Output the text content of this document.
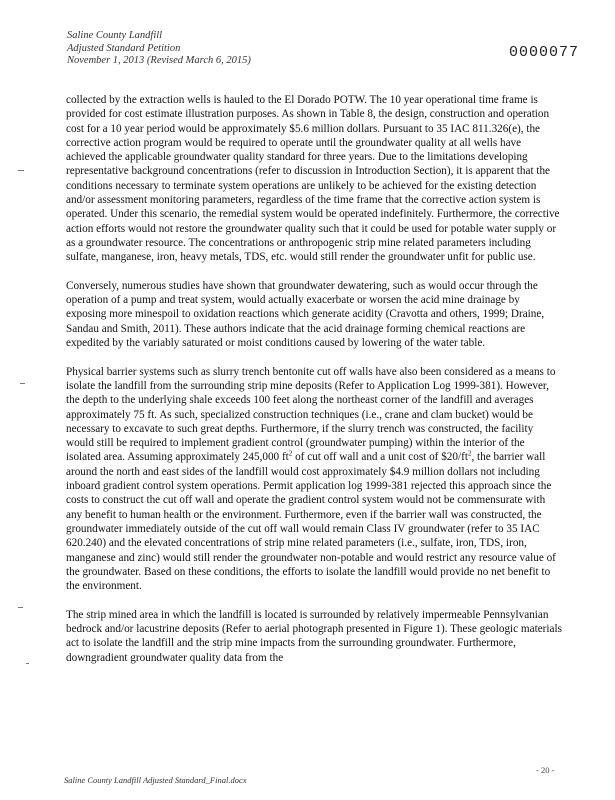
Saline County Landfill
Adjusted Standard Petition
November 1, 2013 (Revised March 6, 2015)	0000077

collected by the extraction wells is hauled to the El Dorado POTW. The 10 year operational time frame is provided for cost estimate illustration purposes. As shown in Table 8, the design, construction and operation cost for a 10 year period would be approximately $5.6 million dollars. Pursuant to 35 IAC 811.326(e), the corrective action program would be required to operate until the groundwater quality at all wells have achieved the applicable groundwater quality standard for three years. Due to the limitations developing representative background concentrations (refer to discussion in Introduction Section), it is apparent that the conditions necessary to terminate system operations are unlikely to be achieved for the existing detection and/or assessment monitoring parameters, regardless of the time frame that the corrective action system is operated. Under this scenario, the remedial system would be operated indefinitely. Furthermore, the corrective action efforts would not restore the groundwater quality such that it could be used for potable water supply or as a groundwater resource. The concentrations or anthropogenic strip mine related parameters including sulfate, manganese, iron, heavy metals, TDS, etc. would still render the groundwater unfit for public use.

Conversely, numerous studies have shown that groundwater dewatering, such as would occur through the operation of a pump and treat system, would actually exacerbate or worsen the acid mine drainage by exposing more minespoil to oxidation reactions which generate acidity (Cravotta and others, 1999; Draine, Sandau and Smith, 2011). These authors indicate that the acid drainage forming chemical reactions are expedited by the variably saturated or moist conditions caused by lowering of the water table.

Physical barrier systems such as slurry trench bentonite cut off walls have also been considered as a means to isolate the landfill from the surrounding strip mine deposits (Refer to Application Log 1999-381). However, the depth to the underlying shale exceeds 100 feet along the northeast corner of the landfill and averages approximately 75 ft. As such, specialized construction techniques (i.e., crane and clam bucket) would be necessary to excavate to such great depths. Furthermore, if the slurry trench was constructed, the facility would still be required to implement gradient control (groundwater pumping) within the interior of the isolated area. Assuming approximately 245,000 $ft^2$ of cut off wall and a unit cost of $\$20/ft^2$, the barrier wall around the north and east sides of the landfill would cost approximately $4.9 million dollars not including inboard gradient control system operations. Permit application log 1999-381 rejected this approach since the costs to construct the cut off wall and operate the gradient control system would not be commensurate with any benefit to human health or the environment. Furthermore, even if the barrier wall was constructed, the groundwater immediately outside of the cut off wall would remain Class IV groundwater (refer to 35 IAC 620.240) and the elevated concentrations of strip mine related parameters (i.e., sulfate, iron, TDS, iron, manganese and zinc) would still render the groundwater non-potable and would restrict any resource value of the groundwater. Based on these conditions, the efforts to isolate the landfill would provide no net benefit to the environment.

The strip mined area in which the landfill is located is surrounded by relatively impermeable Pennsylvanian bedrock and/or lacustrine deposits (Refer to aerial photograph presented in Figure 1). These geologic materials act to isolate the landfill and the strip mine impacts from the surrounding groundwater. Furthermore, downgradient groundwater quality data from the

Saline County Landfill Adjusted Standard_Final.docx
- 20 -
